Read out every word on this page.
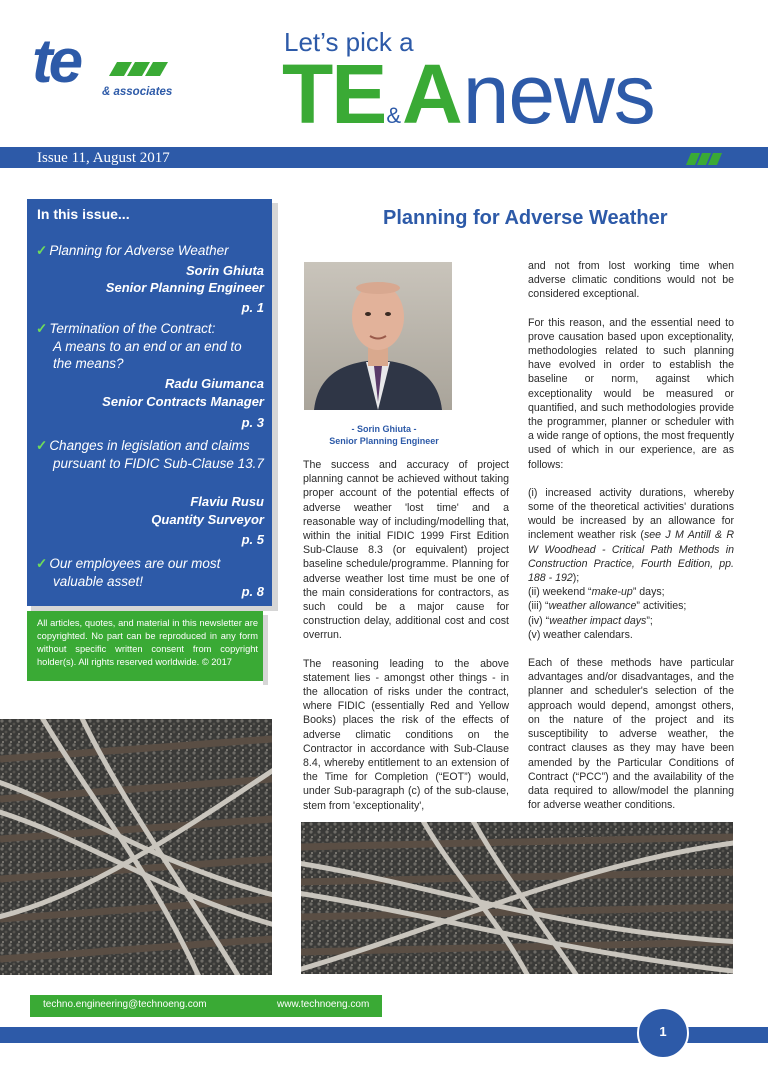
te & associates
Let’s pick a
TE&Anews
Issue 11, August 2017
In this issue...
✓ Planning for Adverse Weather
Sorin Ghiuta
Senior Planning Engineer
p. 1
✓ Termination of the Contract:
A means to an end or an end to
the means?
Radu Giumanca
Senior Contracts Manager
p. 3
✓ Changes in legislation and claims
pursuant to FIDIC Sub-Clause 13.7
Flaviu Rusu
Quantity Surveyor
p. 5
✓ Our employees are our most
valuable asset!
p. 8
All articles, quotes, and material in this newsletter are copyrighted. No part can be reproduced in any form without specific written consent from copyright holder(s). All rights reserved worldwide. © 2017
Planning for Adverse Weather
- Sorin Ghiuta -
Senior Planning Engineer

The success and accuracy of project planning cannot be achieved without taking proper account of the potential effects of adverse weather 'lost time' and a reasonable way of including/modelling that, within the initial FIDIC 1999 First Edition Sub-Clause 8.3 (or equivalent) project baseline schedule/programme. Planning for adverse weather lost time must be one of the main considerations for contractors, as such could be a major cause for construction delay, additional cost and cost overrun.

The reasoning leading to the above statement lies - amongst other things - in the allocation of risks under the contract, where FIDIC (essentially Red and Yellow Books) places the risk of the effects of adverse climatic conditions on the Contractor in accordance with Sub-Clause 8.4, whereby entitlement to an extension of the Time for Completion (“EOT”) would, under Sub-paragraph (c) of the sub-clause, stem from 'exceptionality',

and not from lost working time when adverse climatic conditions would not be considered exceptional.

For this reason, and the essential need to prove causation based upon exceptionality, methodologies related to such planning have evolved in order to establish the baseline or norm, against which exceptionality would be measured or quantified, and such methodologies provide the programmer, planner or scheduler with a wide range of options, the most frequently used of which in our experience, are as follows:

(i) increased activity durations, whereby some of the theoretical activities' durations would be increased by an allowance for inclement weather risk (see J M Antill & R W Woodhead - Critical Path Methods in Construction Practice, Fourth Edition, pp. 188 - 192);
(ii) weekend “make-up” days;
(iii) “weather allowance” activities;
(iv) “weather impact days”;
(v) weather calendars.

Each of these methods have particular advantages and/or disadvantages, and the planner and scheduler's selection of the approach would depend, amongst others, on the nature of the project and its susceptibility to adverse weather, the contract clauses as they may have been amended by the Particular Conditions of Contract (“PCC”) and the availability of the data required to allow/model the planning for adverse weather conditions.

techno.engineering@technoeng.com	www.technoeng.com
1
